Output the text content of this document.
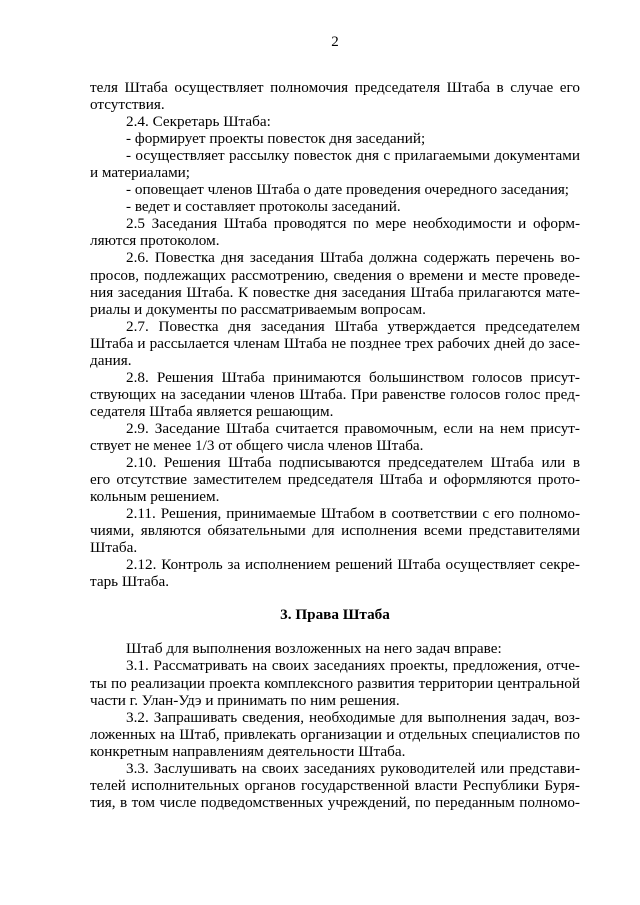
2
теля Штаба осуществляет полномочия председателя Штаба в случае его
отсутствия.
2.4. Секретарь Штаба:
- формирует проекты повесток дня заседаний;
- осуществляет рассылку повесток дня с прилагаемыми документами
и материалами;
- оповещает членов Штаба о дате проведения очередного заседания;
- ведет и составляет протоколы заседаний.
2.5 Заседания Штаба проводятся по мере необходимости и оформ-
ляются протоколом.
2.6. Повестка дня заседания Штаба должна содержать перечень во-
просов, подлежащих рассмотрению, сведения о времени и месте проведе-
ния заседания Штаба. К повестке дня заседания Штаба прилагаются мате-
риалы и документы по рассматриваемым вопросам.
2.7. Повестка дня заседания Штаба утверждается председателем
Штаба и рассылается членам Штаба не позднее трех рабочих дней до засе-
дания.
2.8. Решения Штаба принимаются большинством голосов присут-
ствующих на заседании членов Штаба. При равенстве голосов голос пред-
седателя Штаба является решающим.
2.9. Заседание Штаба считается правомочным, если на нем присут-
ствует не менее 1/3 от общего числа членов Штаба.
2.10. Решения Штаба подписываются председателем Штаба или в
его отсутствие заместителем председателя Штаба и оформляются прото-
кольным решением.
2.11. Решения, принимаемые Штабом в соответствии с его полномо-
чиями, являются обязательными для исполнения всеми представителями
Штаба.
2.12. Контроль за исполнением решений Штаба осуществляет секре-
тарь Штаба.
3. Права Штаба
Штаб для выполнения возложенных на него задач вправе:
3.1. Рассматривать на своих заседаниях проекты, предложения, отче-
ты по реализации проекта комплексного развития территории центральной
части г. Улан-Удэ и принимать по ним решения.
3.2. Запрашивать сведения, необходимые для выполнения задач, воз-
ложенных на Штаб, привлекать организации и отдельных специалистов по
конкретным направлениям деятельности Штаба.
3.3. Заслушивать на своих заседаниях руководителей или представи-
телей исполнительных органов государственной власти Республики Буря-
тия, в том числе подведомственных учреждений, по переданным полномо-
